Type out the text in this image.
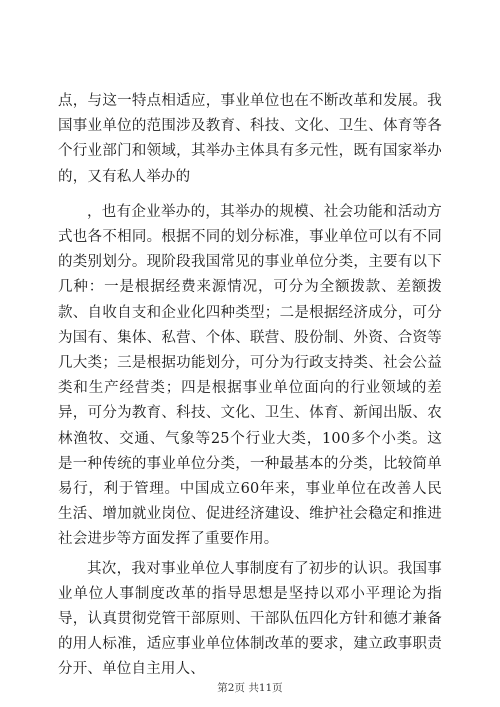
点，与这一特点相适应，事业单位也在不断改革和发展。我国事业单位的范围涉及教育、科技、文化、卫生、体育等各个行业部门和领域，其举办主体具有多元性，既有国家举办的，又有私人举办的

，也有企业举办的，其举办的规模、社会功能和活动方式也各不相同。根据不同的划分标准，事业单位可以有不同的类别划分。现阶段我国常见的事业单位分类，主要有以下几种：一是根据经费来源情况，可分为全额拨款、差额拨款、自收自支和企业化四种类型；二是根据经济成分，可分为国有、集体、私营、个体、联营、股份制、外资、合资等几大类；三是根据功能划分，可分为行政支持类、社会公益类和生产经营类；四是根据事业单位面向的行业领域的差异，可分为教育、科技、文化、卫生、体育、新闻出版、农林渔牧、交通、气象等25个行业大类，100多个小类。这是一种传统的事业单位分类，一种最基本的分类，比较简单易行，利于管理。中国成立60年来，事业单位在改善人民生活、增加就业岗位、促进经济建设、维护社会稳定和推进社会进步等方面发挥了重要作用。

其次，我对事业单位人事制度有了初步的认识。我国事业单位人事制度改革的指导思想是坚持以邓小平理论为指导，认真贯彻党管干部原则、干部队伍四化方针和德才兼备的用人标准，适应事业单位体制改革的要求，建立政事职责分开、单位自主用人、

第2页 共11页
